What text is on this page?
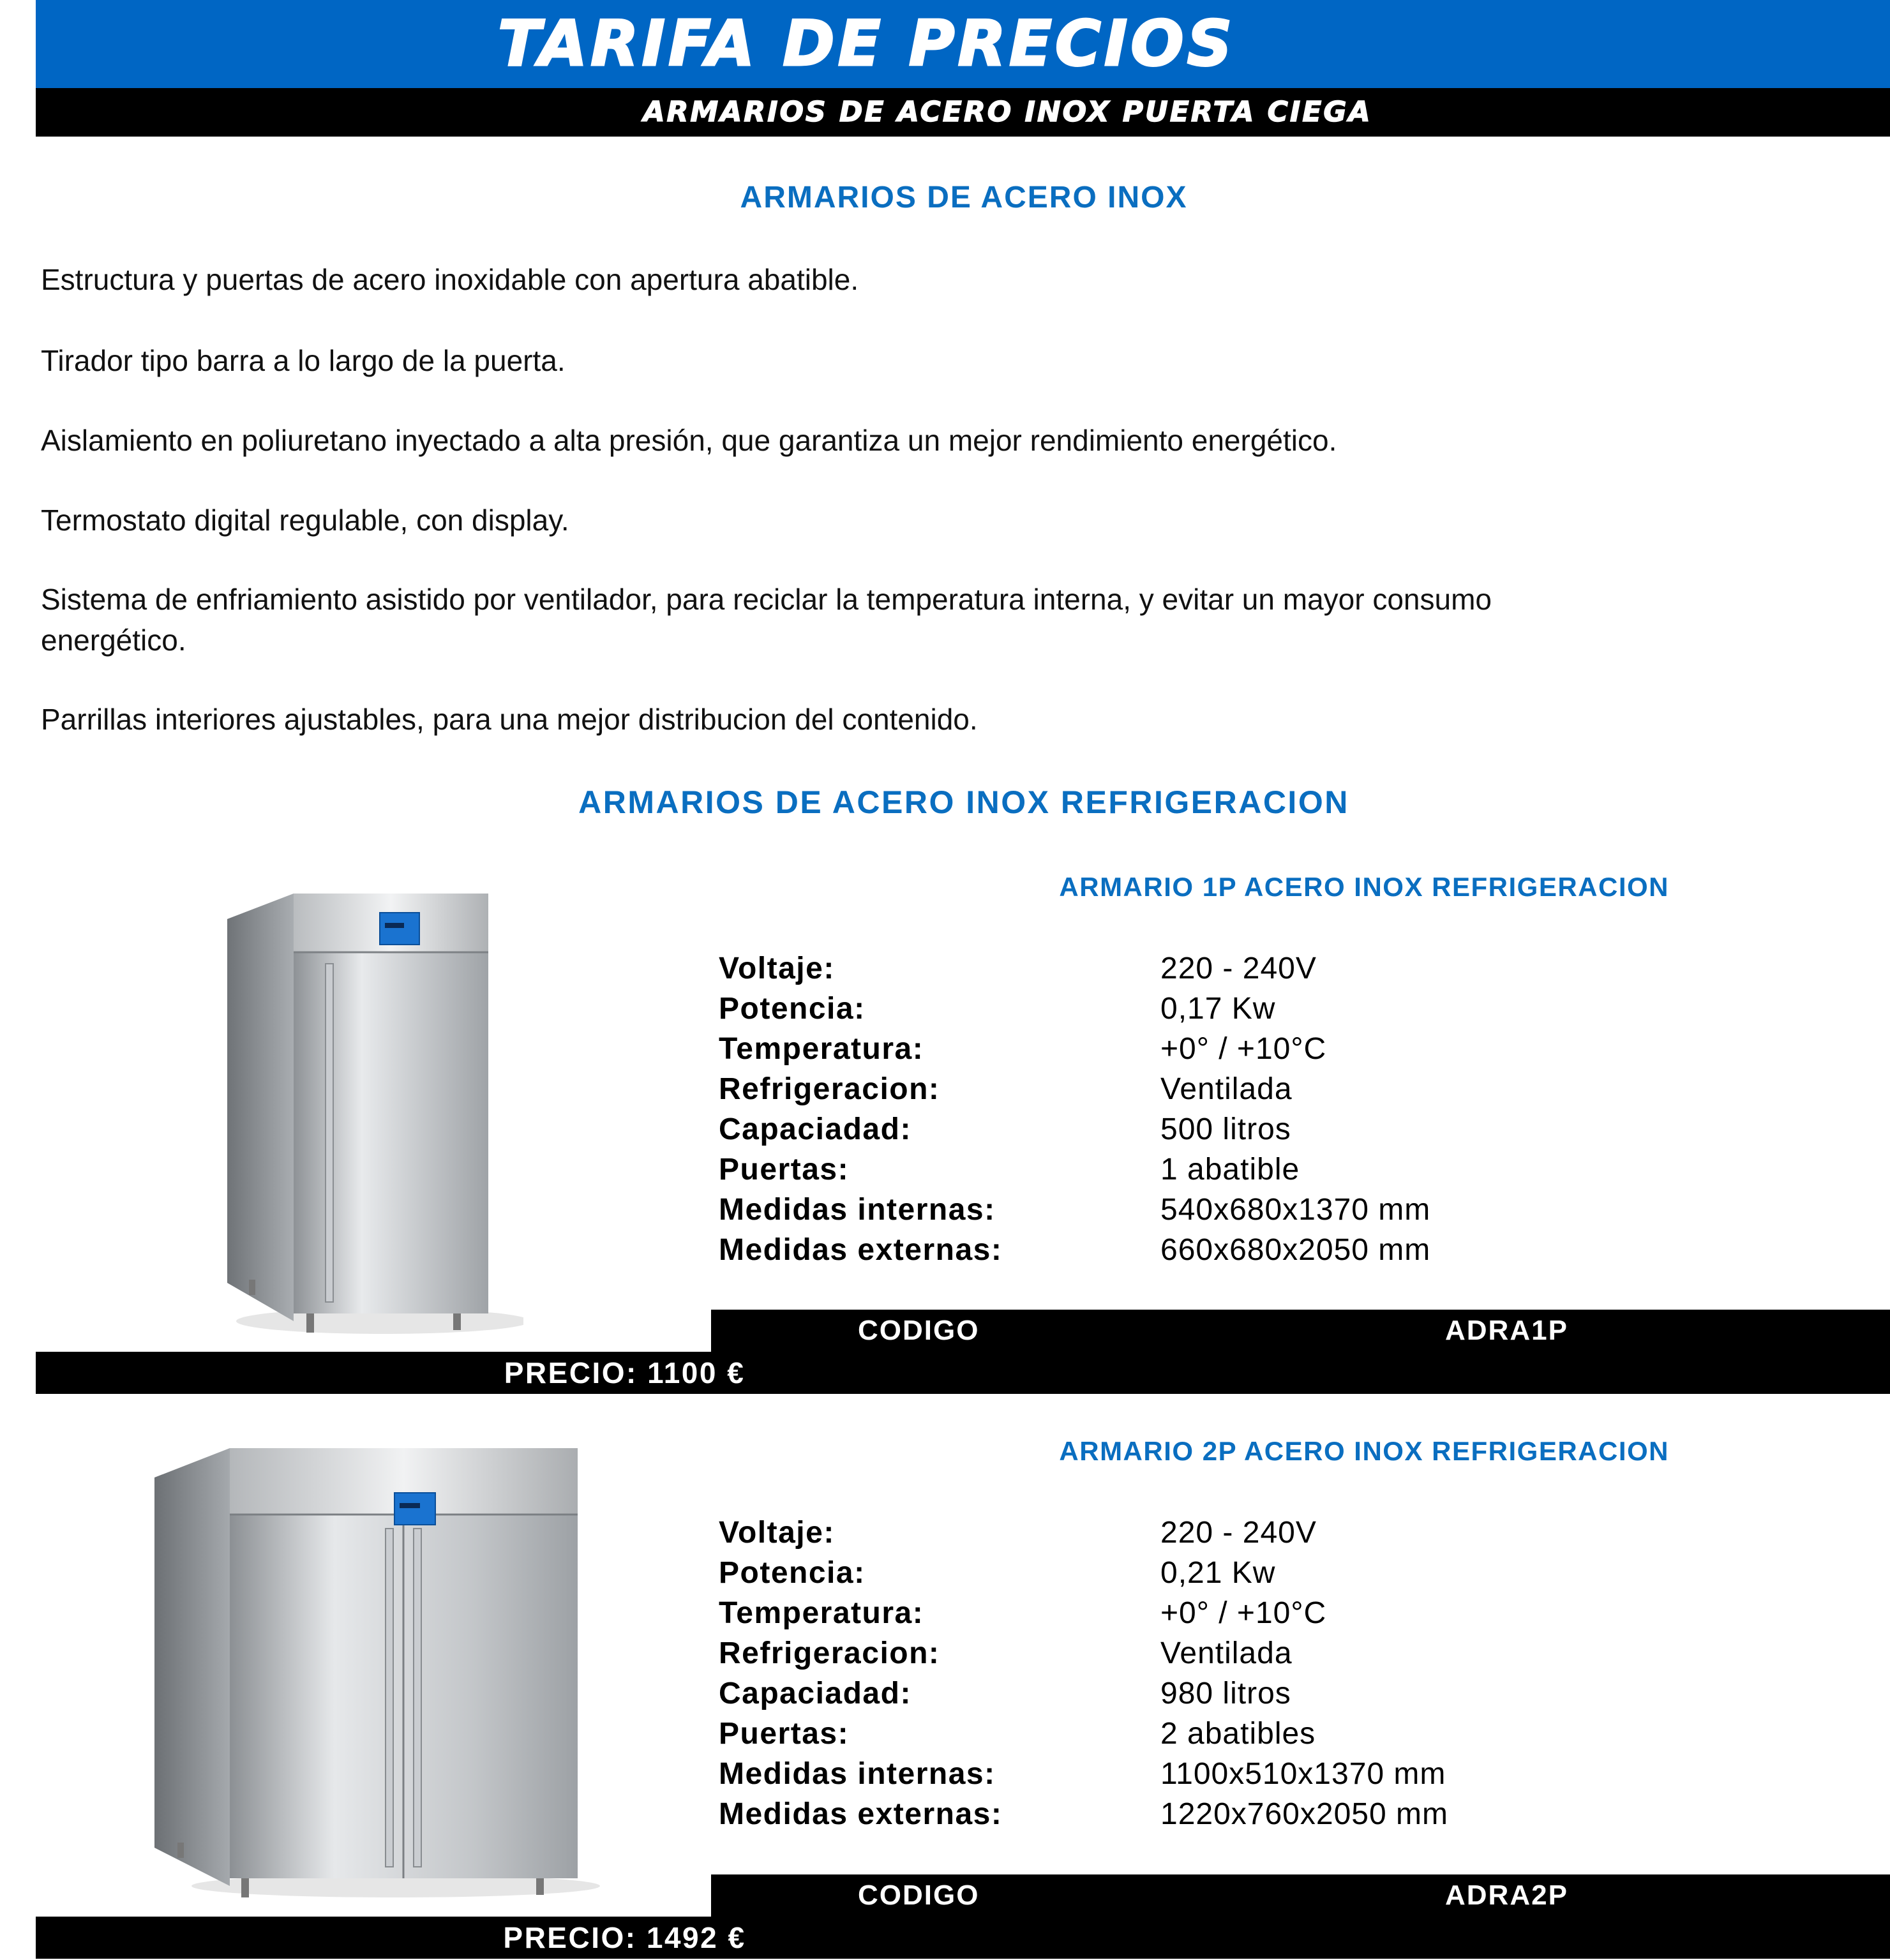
TARIFA DE PRECIOS
ARMARIOS DE ACERO INOX PUERTA CIEGA
ARMARIOS DE ACERO INOX
Estructura y puertas de acero inoxidable con apertura abatible.
Tirador tipo barra a lo largo de la puerta.
Aislamiento en poliuretano inyectado a alta presión, que garantiza un mejor rendimiento energético.
Termostato digital regulable, con display.
Sistema de enfriamiento asistido por ventilador, para reciclar la temperatura interna, y evitar un mayor consumo energético.
Parrillas interiores ajustables, para una mejor distribucion del contenido.
ARMARIOS DE ACERO INOX REFRIGERACION
ARMARIO 1P ACERO INOX REFRIGERACION
Voltaje:	220 - 240V
Potencia:	0,17 Kw
Temperatura:	+0° / +10°C
Refrigeracion:	Ventilada
Capaciadad:	500 litros
Puertas:	1 abatible
Medidas internas:	540x680x1370 mm
Medidas externas:	660x680x2050 mm
CODIGO	ADRA1P
PRECIO: 1100 €
ARMARIO 2P ACERO INOX REFRIGERACION
Voltaje:	220 - 240V
Potencia:	0,21 Kw
Temperatura:	+0° / +10°C
Refrigeracion:	Ventilada
Capaciadad:	980 litros
Puertas:	2 abatibles
Medidas internas:	1100x510x1370 mm
Medidas externas:	1220x760x2050 mm
CODIGO	ADRA2P
PRECIO: 1492 €
